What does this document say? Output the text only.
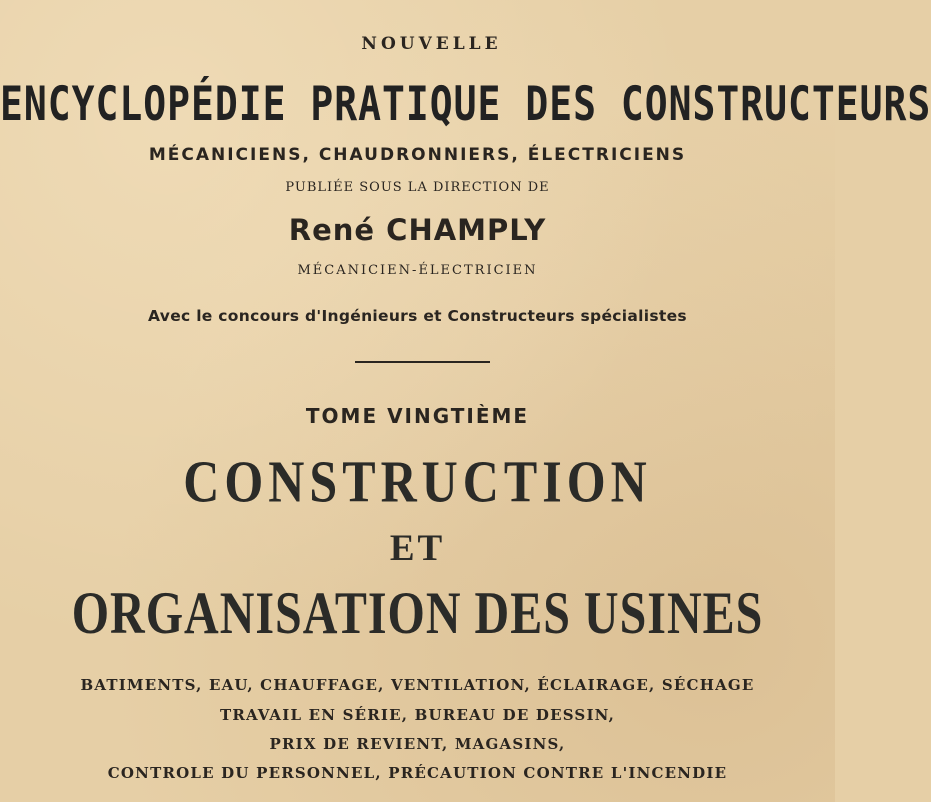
NOUVELLE
ENCYCLOPÉDIE PRATIQUE DES CONSTRUCTEURS
MÉCANICIENS, CHAUDRONNIERS, ÉLECTRICIENS
PUBLIÉE SOUS LA DIRECTION DE
René CHAMPLY
MÉCANICIEN-ÉLECTRICIEN
Avec le concours d'Ingénieurs et Constructeurs spécialistes
TOME VINGTIÈME
CONSTRUCTION
ET
ORGANISATION DES USINES
BATIMENTS, EAU, CHAUFFAGE, VENTILATION, ÉCLAIRAGE, SÉCHAGE
TRAVAIL EN SÉRIE, BUREAU DE DESSIN,
PRIX DE REVIENT, MAGASINS,
CONTROLE DU PERSONNEL, PRÉCAUTION CONTRE L'INCENDIE
